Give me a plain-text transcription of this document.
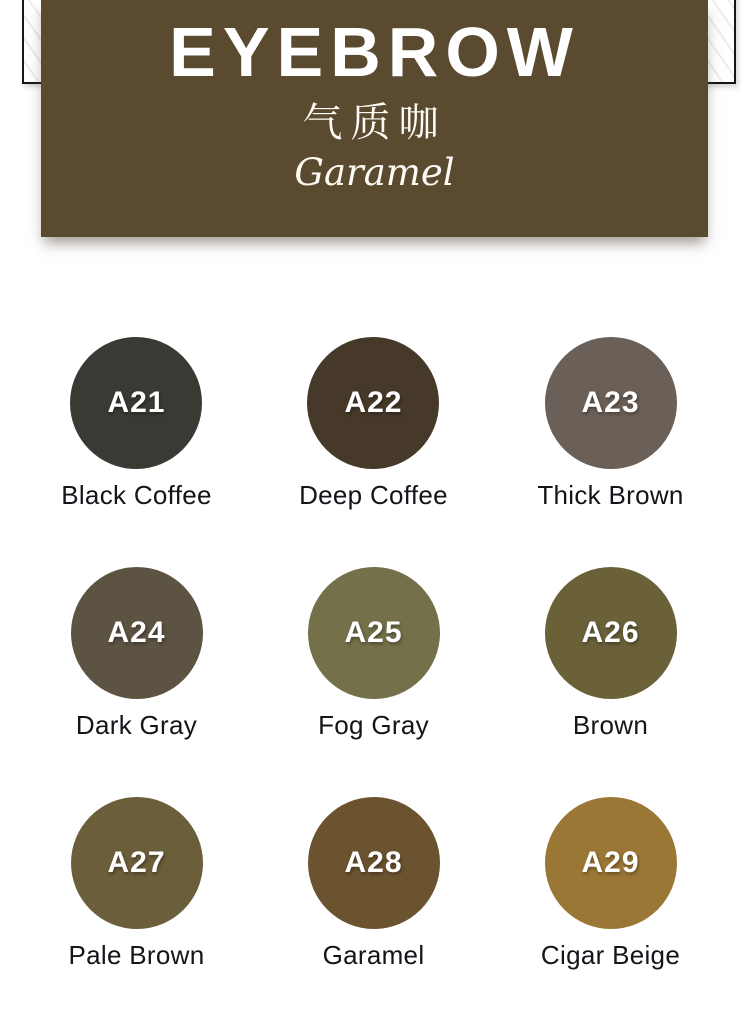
EYEBROW
气质咖
Garamel
A21
Black Coffee
A22
Deep Coffee
A23
Thick Brown
A24
Dark Gray
A25
Fog Gray
A26
Brown
A27
Pale Brown
A28
Garamel
A29
Cigar Beige
